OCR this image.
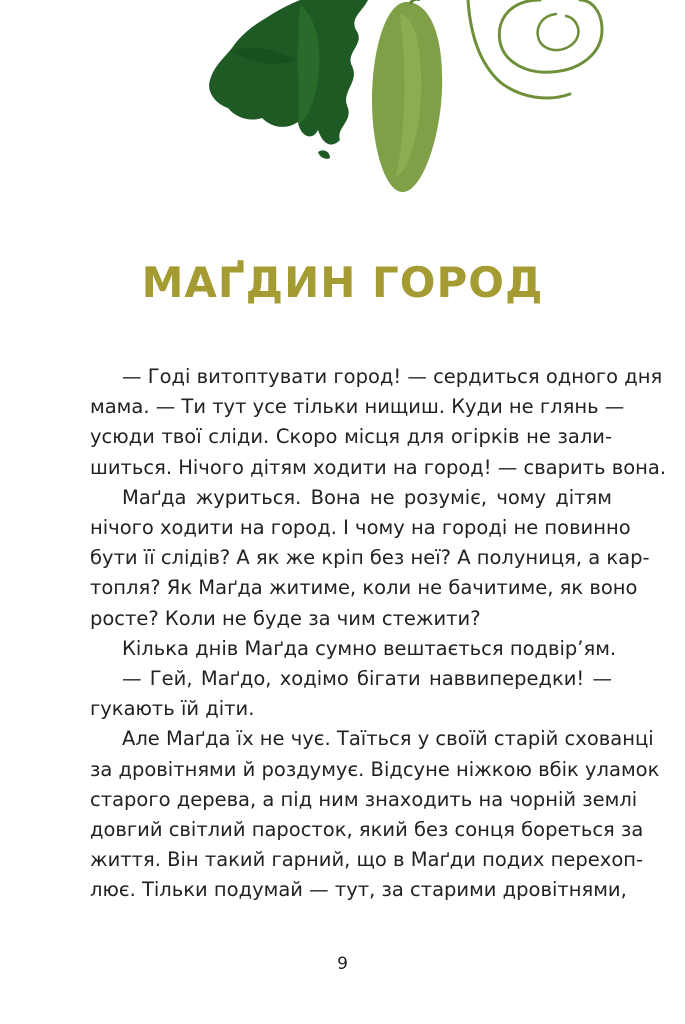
МАҐДИН ГОРОД
— Годі витоптувати город! — сердиться одного дня
мама. — Ти тут усе тільки нищиш. Куди не глянь —
усюди твої сліди. Скоро місця для огірків не зали-
шиться. Нічого дітям ходити на город! — сварить вона.
Маґда журиться. Вона не розуміє, чому дітям
нічого ходити на город. І чому на городі не повинно
бути її слідів? А як же кріп без неї? А полуниця, а кар-
топля? Як Маґда житиме, коли не бачитиме, як воно
росте? Коли не буде за чим стежити?
Кілька днів Маґда сумно вештається подвір’ям.
— Гей, Маґдо, ходімо бігати наввипередки! —
гукають їй діти.
Але Маґда їх не чує. Таїться у своїй старій схованці
за дровітнями й роздумує. Відсуне ніжкою вбік уламок
старого дерева, а під ним знаходить на чорній землі
довгий світлий паросток, який без сонця бореться за
життя. Він такий гарний, що в Маґди подих перехоп-
лює. Тільки подумай — тут, за старими дровітнями,
9
